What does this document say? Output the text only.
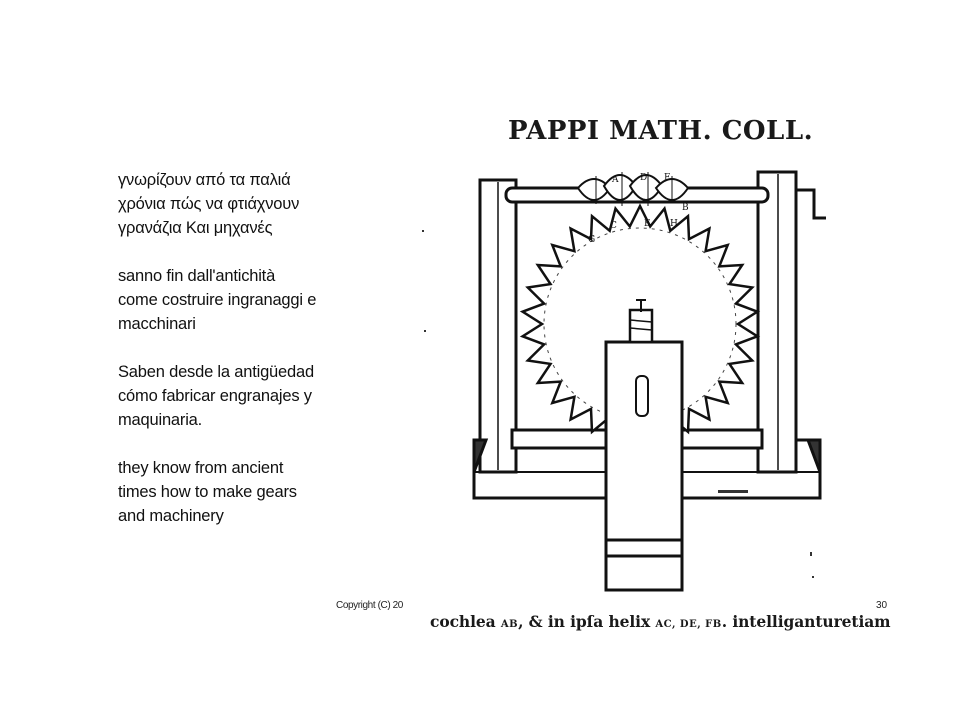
γνωρίζουν από τα παλιά
χρόνια πώς να φτιάχνουν
γρανάζια Και μηχανές

sanno fin dall'antichità
come costruire ingranaggi e
macchinari

Saben desde la antigüedad
cómo fabricar engranajes y
maquinaria.

they know from ancient
times how to make gears
and machinery

PAPPI MATH. COLL.
A D F
B
G
C	E H
Copyright (C) 20	30
cochlea AB, & in ipſa helix AC, DE, FB. intelliganturetiam
